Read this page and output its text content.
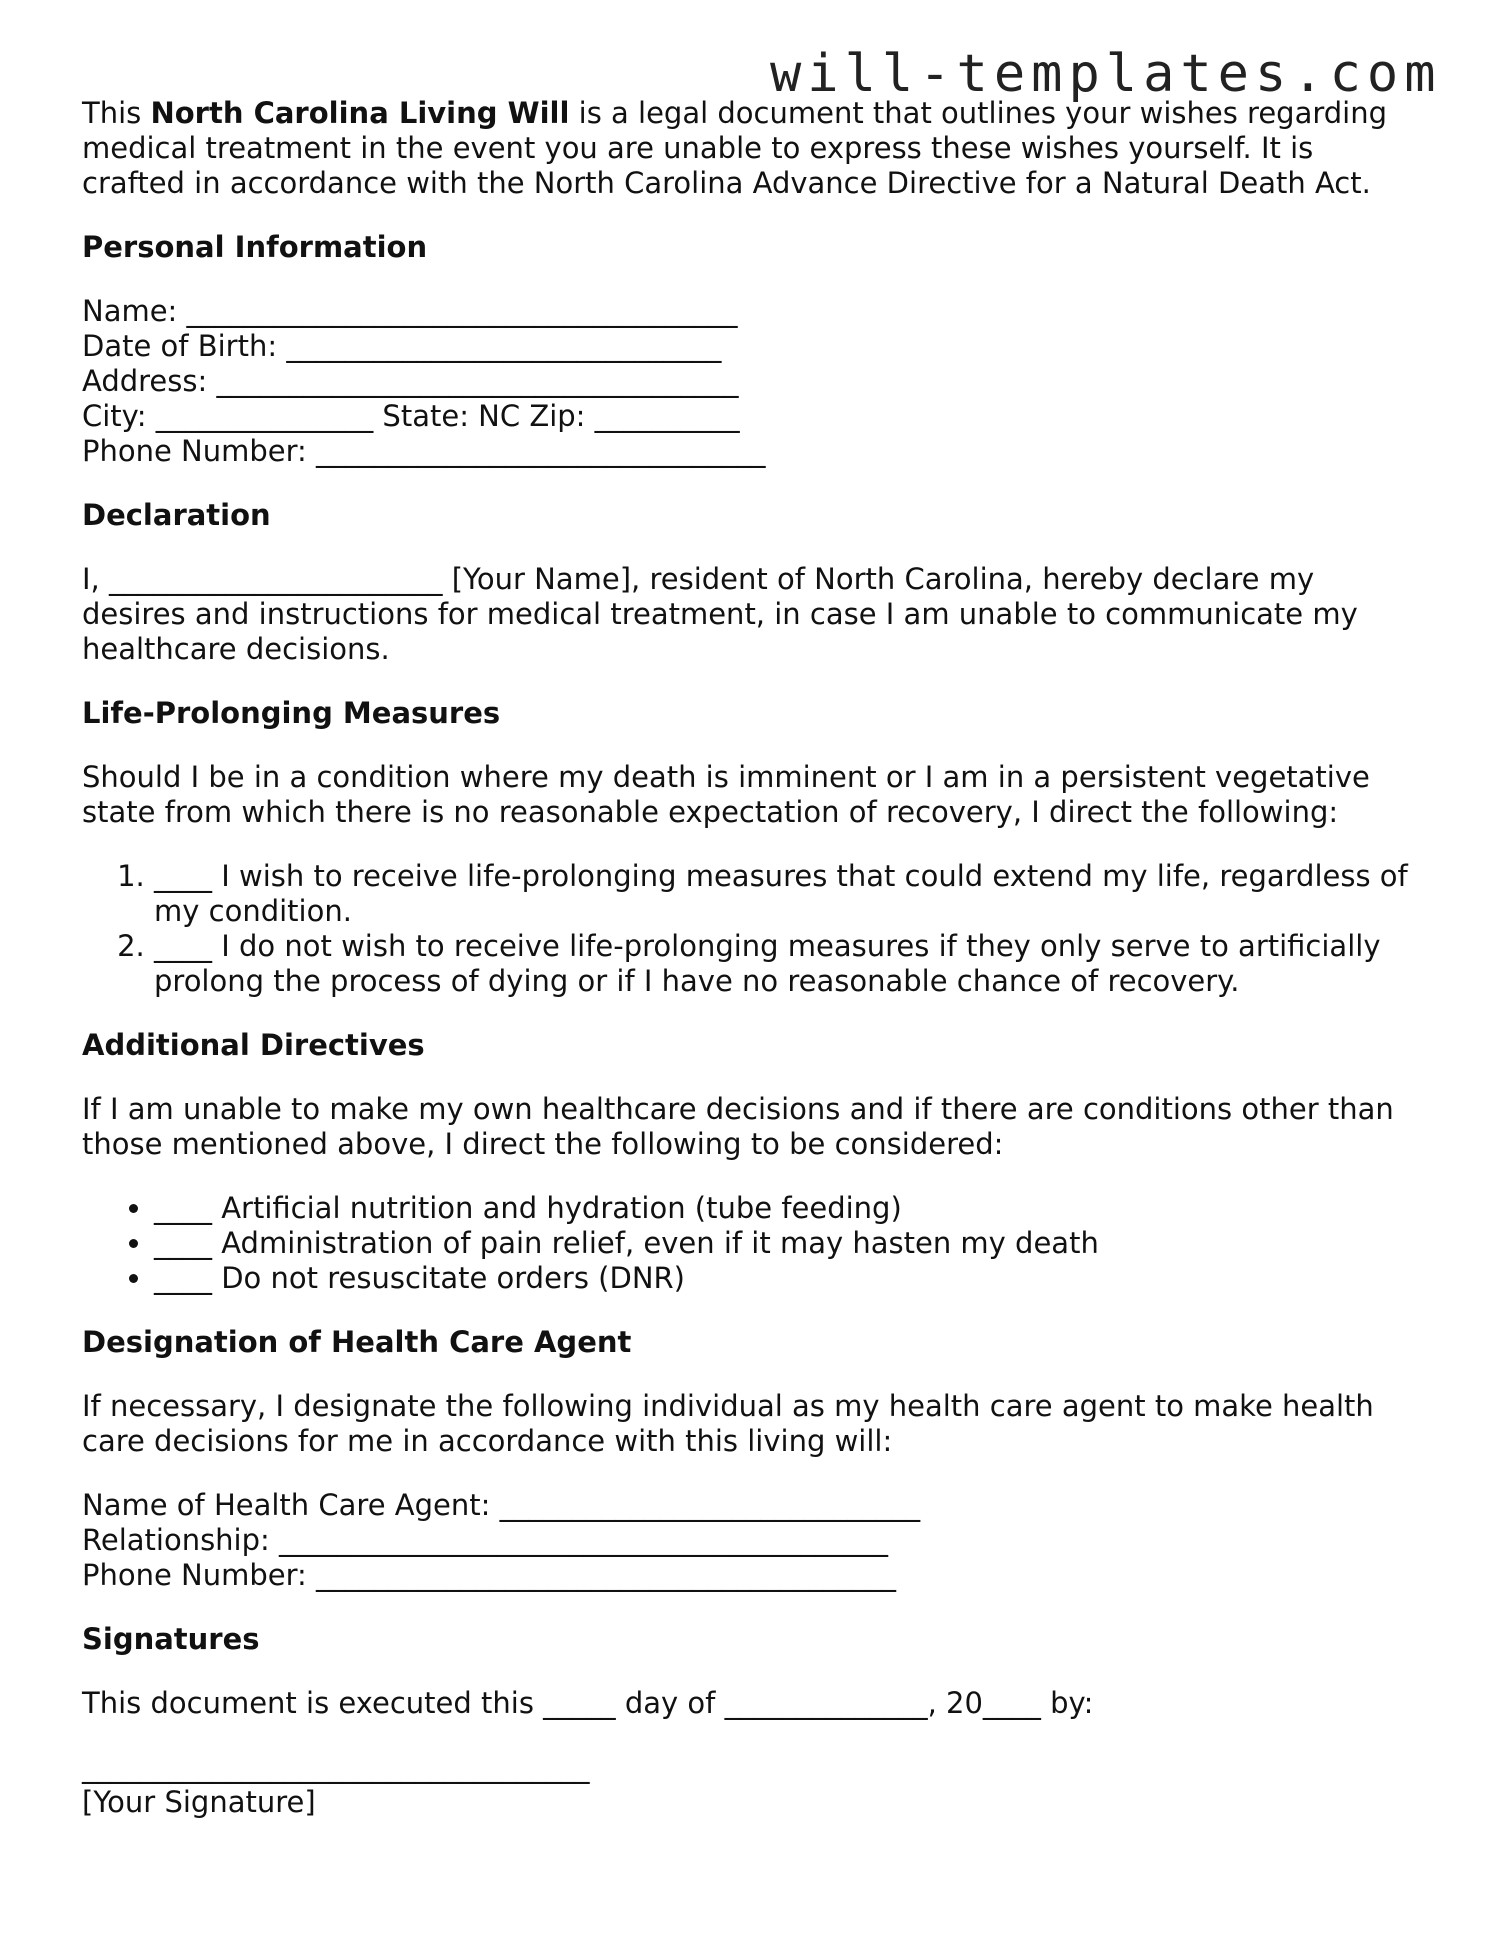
will-templates.com

This North Carolina Living Will is a legal document that outlines your wishes regarding medical treatment in the event you are unable to express these wishes yourself. It is crafted in accordance with the North Carolina Advance Directive for a Natural Death Act.

Personal Information

Name: ______________________________________

Date of Birth: ______________________________

Address: ____________________________________

City: _______________ State: NC Zip: __________

Phone Number: _______________________________

Declaration

I, _______________________ [Your Name], resident of North Carolina, hereby declare my desires and instructions for medical treatment, in case I am unable to communicate my healthcare decisions.

Life-Prolonging Measures

Should I be in a condition where my death is imminent or I am in a persistent vegetative state from which there is no reasonable expectation of recovery, I direct the following:

1. ____ I wish to receive life-prolonging measures that could extend my life, regardless of my condition.
2. ____ I do not wish to receive life-prolonging measures if they only serve to artificially prolong the process of dying or if I have no reasonable chance of recovery.

Additional Directives

If I am unable to make my own healthcare decisions and if there are conditions other than those mentioned above, I direct the following to be considered:

• ____ Artificial nutrition and hydration (tube feeding)
• ____ Administration of pain relief, even if it may hasten my death
• ____ Do not resuscitate orders (DNR)

Designation of Health Care Agent

If necessary, I designate the following individual as my health care agent to make health care decisions for me in accordance with this living will:

Name of Health Care Agent: _____________________________

Relationship: __________________________________________

Phone Number: ________________________________________

Signatures

This document is executed this _____ day of ______________, 20____ by:

___________________________________

[Your Signature]
